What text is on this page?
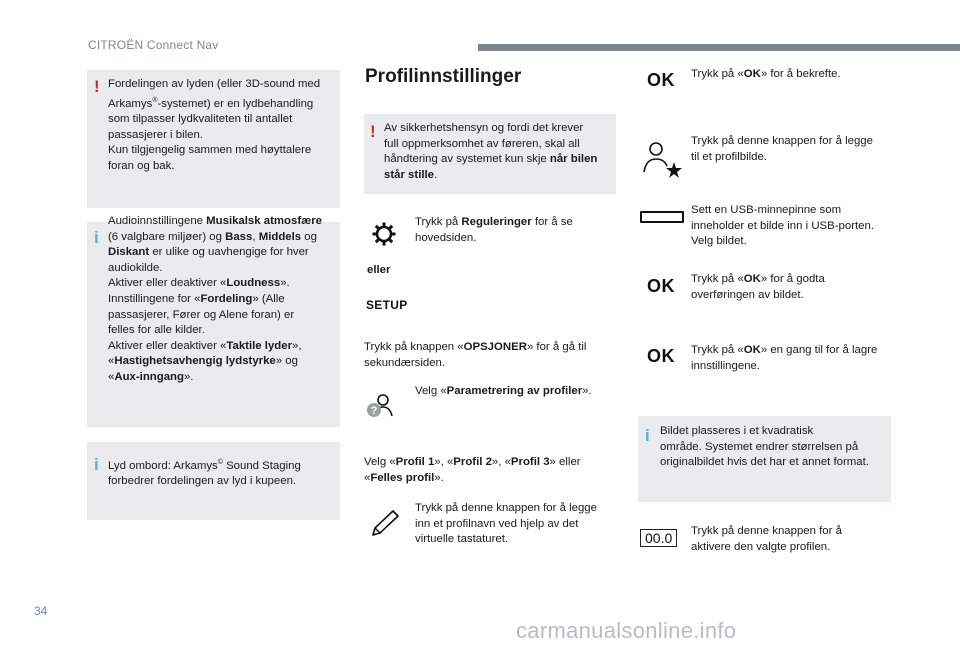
CITROËN Connect Nav
! Fordelingen av lyden (eller 3D-sound med
Arkamys®-systemet) er en lydbehandling
som tilpasser lydkvaliteten til antallet
passasjerer i bilen.
Kun tilgjengelig sammen med høyttalere
foran og bak.
i
Audioinnstillingene Musikalsk atmosfære
(6 valgbare miljøer) og Bass, Middels og
Diskant er ulike og uavhengige for hver
audiokilde.
Aktiver eller deaktiver «Loudness».
Innstillingene for «Fordeling» (Alle
passasjerer, Fører og Alene foran) er
felles for alle kilder.
Aktiver eller deaktiver «Taktile lyder»,
«Hastighetsavhengig lydstyrke» og
«Aux-inngang».
i Lyd ombord: Arkamys© Sound Staging
forbedrer fordelingen av lyd i kupeen.
Profilinnstillinger
! Av sikkerhetshensyn og fordi det krever
full oppmerksomhet av føreren, skal all
håndtering av systemet kun skje når bilen
står stille.
Trykk på Reguleringer for å se
hovedsiden.
eller
SETUP
Trykk på knappen «OPSJONER» for å gå til
sekundærsiden.
?
Velg «Parametrering av profiler».
Velg «Profil 1», «Profil 2», «Profil 3» eller
«Felles profil».
Trykk på denne knappen for å legge
inn et profilnavn ved hjelp av det
virtuelle tastaturet.
OK Trykk på «OK» for å bekrefte.
Trykk på denne knappen for å legge
til et profilbilde.
Sett en USB-minnepinne som
inneholder et bilde inn i USB-porten.
Velg bildet.
OK Trykk på «OK» for å godta
overføringen av bildet.
OK Trykk på «OK» en gang til for å lagre
innstillingene.
i Bildet plasseres i et kvadratisk
område. Systemet endrer størrelsen på
originalbildet hvis det har et annet format.
00.0	Trykk på denne knappen for å
aktivere den valgte profilen.
34
carmanualsonline.info
